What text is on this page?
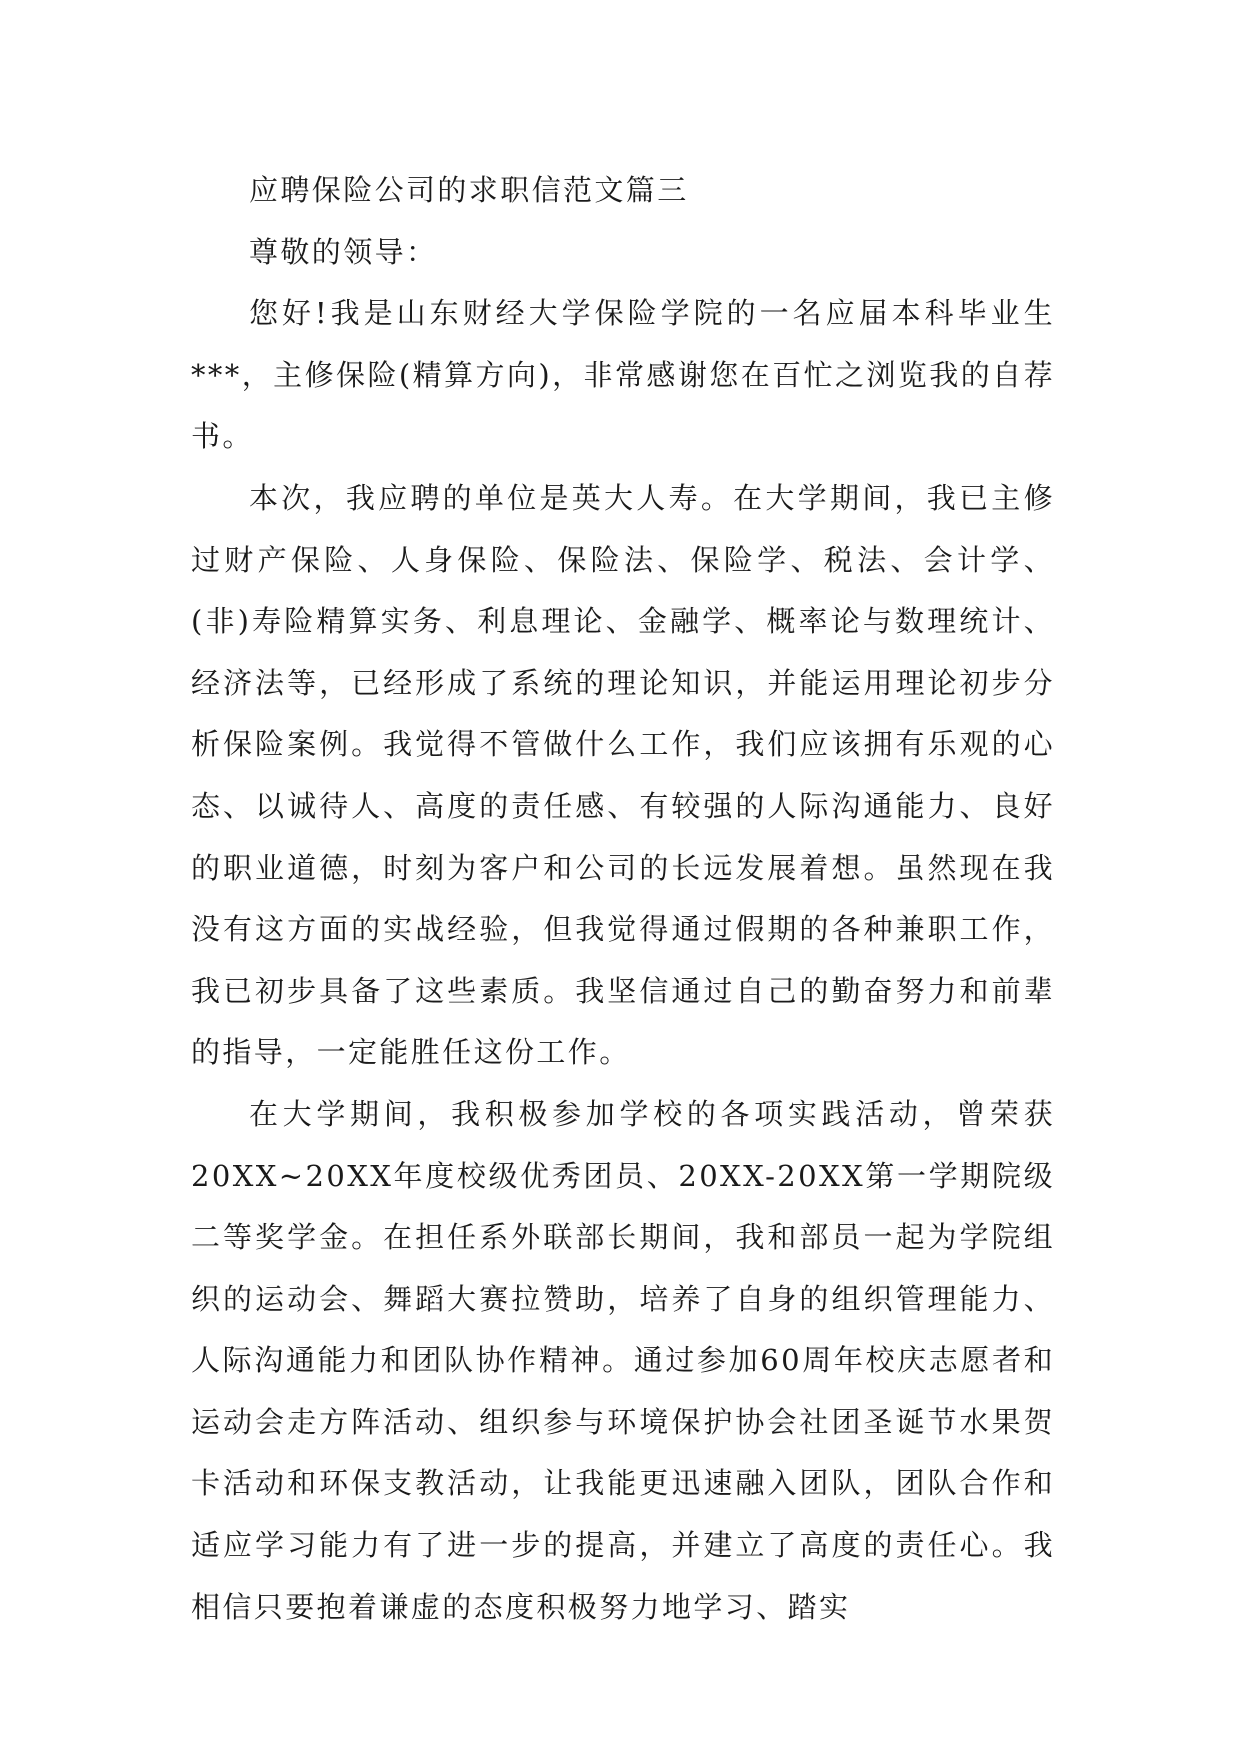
应聘保险公司的求职信范文篇三

尊敬的领导：

您好!我是山东财经大学保险学院的一名应届本科毕业生***，主修保险(精算方向)，非常感谢您在百忙之浏览我的自荐书。

本次，我应聘的单位是英大人寿。在大学期间，我已主修过财产保险、人身保险、保险法、保险学、税法、会计学、(非)寿险精算实务、利息理论、金融学、概率论与数理统计、经济法等，已经形成了系统的理论知识，并能运用理论初步分析保险案例。我觉得不管做什么工作，我们应该拥有乐观的心态、以诚待人、高度的责任感、有较强的人际沟通能力、良好的职业道德，时刻为客户和公司的长远发展着想。虽然现在我没有这方面的实战经验，但我觉得通过假期的各种兼职工作，我已初步具备了这些素质。我坚信通过自己的勤奋努力和前辈的指导，一定能胜任这份工作。

在大学期间，我积极参加学校的各项实践活动，曾荣获20XX~20XX年度校级优秀团员、20XX-20XX第一学期院级二等奖学金。在担任系外联部长期间，我和部员一起为学院组织的运动会、舞蹈大赛拉赞助，培养了自身的组织管理能力、人际沟通能力和团队协作精神。通过参加60周年校庆志愿者和运动会走方阵活动、组织参与环境保护协会社团圣诞节水果贺卡活动和环保支教活动，让我能更迅速融入团队，团队合作和适应学习能力有了进一步的提高，并建立了高度的责任心。我相信只要抱着谦虚的态度积极努力地学习、踏实
